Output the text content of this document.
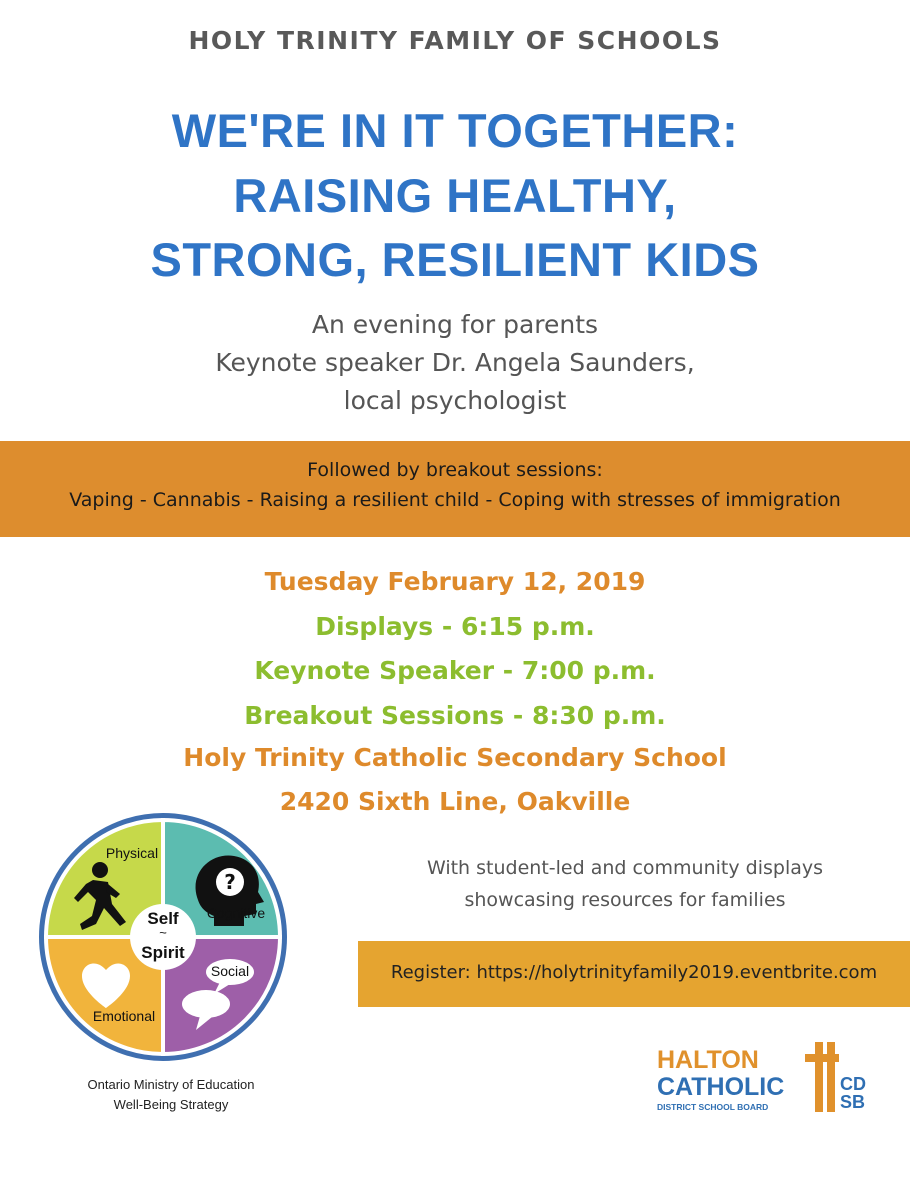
HOLY TRINITY FAMILY OF SCHOOLS
WE'RE IN IT TOGETHER:
RAISING HEALTHY,
STRONG, RESILIENT KIDS
An evening for parents
Keynote speaker Dr. Angela Saunders,
local psychologist
Followed by breakout sessions:
Vaping - Cannabis - Raising a resilient child - Coping with stresses of immigration
Tuesday February 12, 2019
Displays - 6:15 p.m.
Keynote Speaker - 7:00 p.m.
Breakout Sessions - 8:30 p.m.
Holy Trinity Catholic Secondary School
2420 Sixth Line, Oakville
?
Self
~
Spirit
Physical
Cognitive
Social
Emotional
Ontario Ministry of Education
Well-Being Strategy
With student-led and community displays
showcasing resources for families
Register: https://holytrinityfamily2019.eventbrite.com
HALTON
CATHOLIC
DISTRICT SCHOOL BOARD
CD
SB
